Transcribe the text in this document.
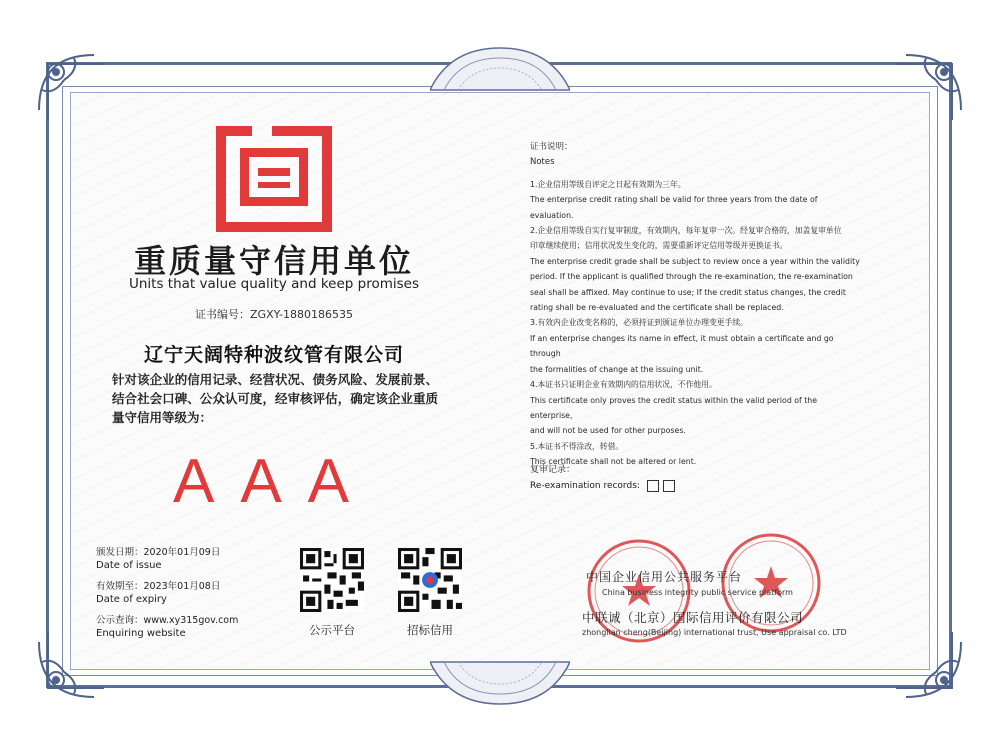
重质量守信用单位
Units that value quality and keep promises
证书编号：ZGXY-1880186535
辽宁天阔特种波纹管有限公司
针对该企业的信用记录、经营状况、债务风险、发展前景、结合社会口碑、公众认可度，经审核评估，确定该企业重质量守信用等级为：
AAA
颁发日期：2020年01月09日
Date of issue
有效期至：2023年01月08日
Date of expiry
公示查询：www.xy315gov.com
Enquiring website	公示平台	招标信用
证书说明：
Notes
1.企业信用等级自评定之日起有效期为三年。
The enterprise credit rating shall be valid for three years from the date of evaluation.
2.企业信用等级自实行复审制度，有效期内，每年复审一次。经复审合格的，加盖复审单位
印章继续使用；信用状况发生变化的，需要重新评定信用等级并更换证书。
The enterprise credit grade shall be subject to review once a year within the validity
period. If the applicant is qualified through the re-examination, the re-examination
seal shall be affixed. May continue to use; If the credit status changes, the credit
rating shall be re-evaluated and the certificate shall be replaced.
3.有效内企业改变名称的，必须持证到颁证单位办理变更手续。
If an enterprise changes its name in effect, it must obtain a certificate and go through
the formalities of change at the issuing unit.
4.本证书只证明企业有效期内的信用状况，不作他用。
This certificate only proves the credit status within the valid period of the enterprise,
and will not be used for other purposes.
5.本证书不得涂改，转借。
This certificate shall not be altered or lent.
复审记录：
Re-examination records:
中国企业信用公共服务平台
China business integrity public service platform
中联诚（北京）国际信用评价有限公司
zhonglian cheng(Beijing) international trust, Use appraisal co. LTD
